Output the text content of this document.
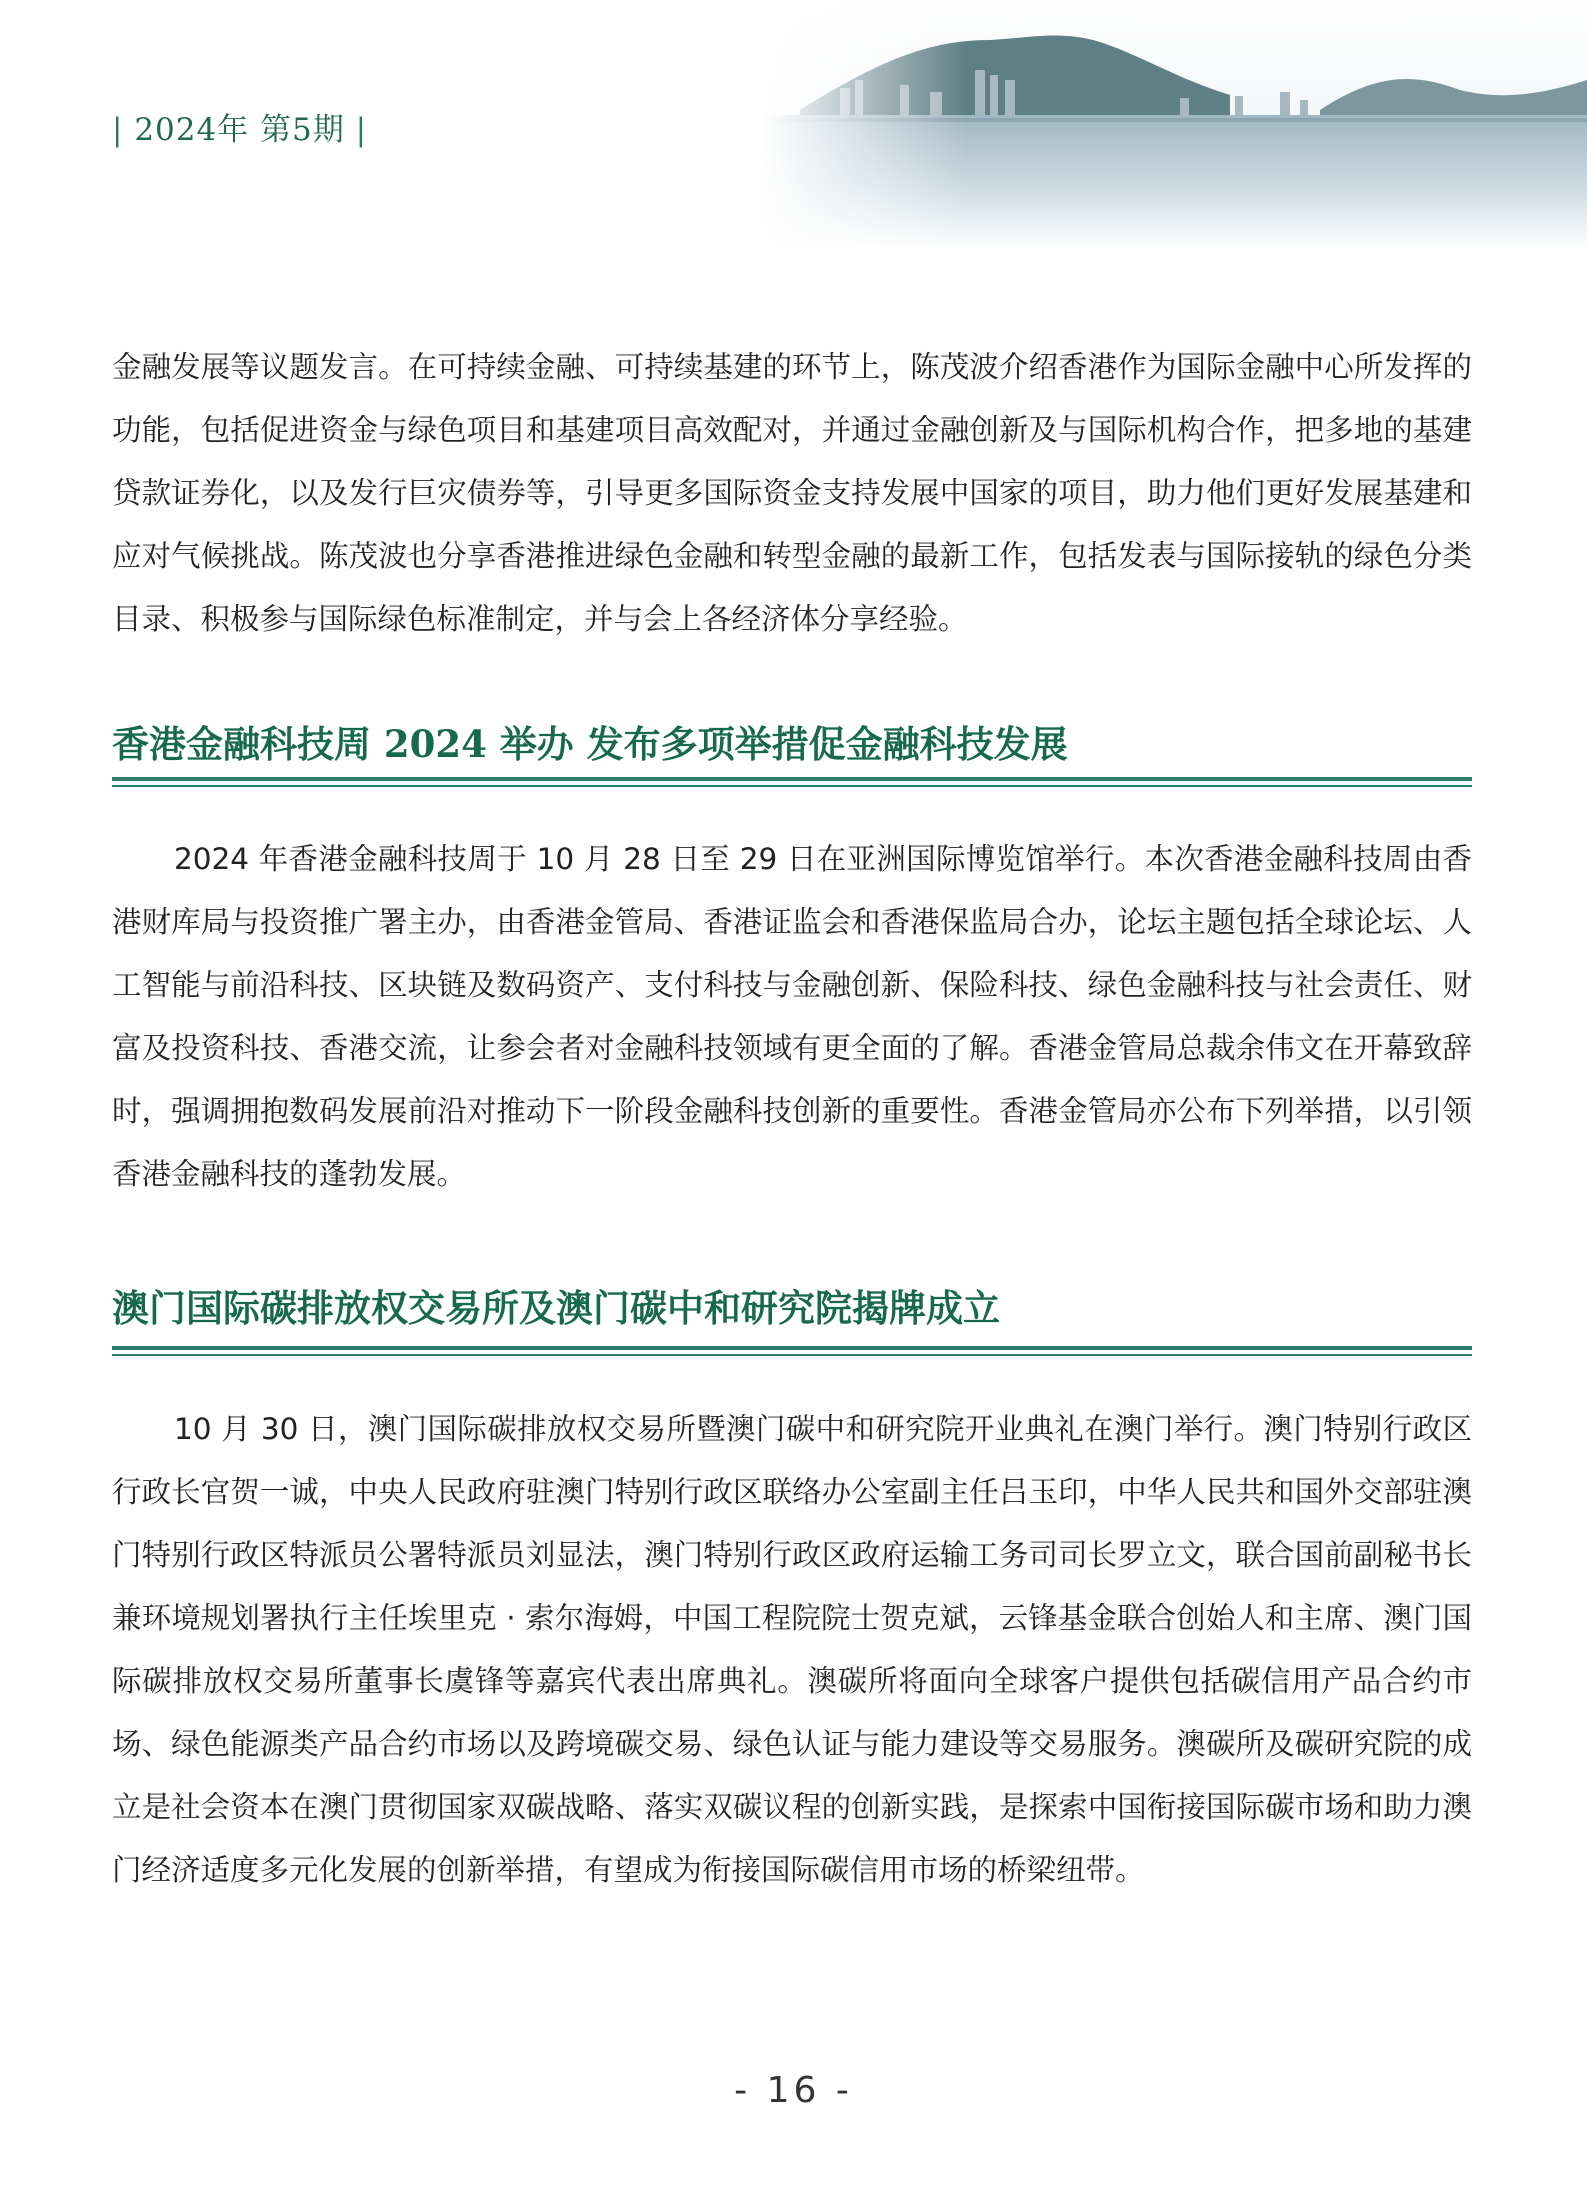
| 2024年 第5期 |
金融发展等议题发言。在可持续金融、可持续基建的环节上，陈茂波介绍香港作为国际金融中心所发挥的功能，包括促进资金与绿色项目和基建项目高效配对，并通过金融创新及与国际机构合作，把多地的基建贷款证券化，以及发行巨灾债券等，引导更多国际资金支持发展中国家的项目，助力他们更好发展基建和应对气候挑战。陈茂波也分享香港推进绿色金融和转型金融的最新工作，包括发表与国际接轨的绿色分类目录、积极参与国际绿色标准制定，并与会上各经济体分享经验。
香港金融科技周 2024 举办 发布多项举措促金融科技发展
2024 年香港金融科技周于 10 月 28 日至 29 日在亚洲国际博览馆举行。本次香港金融科技周由香港财库局与投资推广署主办，由香港金管局、香港证监会和香港保监局合办，论坛主题包括全球论坛、人工智能与前沿科技、区块链及数码资产、支付科技与金融创新、保险科技、绿色金融科技与社会责任、财富及投资科技、香港交流，让参会者对金融科技领域有更全面的了解。香港金管局总裁余伟文在开幕致辞时，强调拥抱数码发展前沿对推动下一阶段金融科技创新的重要性。香港金管局亦公布下列举措，以引领香港金融科技的蓬勃发展。
澳门国际碳排放权交易所及澳门碳中和研究院揭牌成立
10 月 30 日，澳门国际碳排放权交易所暨澳门碳中和研究院开业典礼在澳门举行。澳门特别行政区行政长官贺一诚，中央人民政府驻澳门特别行政区联络办公室副主任吕玉印，中华人民共和国外交部驻澳门特别行政区特派员公署特派员刘显法，澳门特别行政区政府运输工务司司长罗立文，联合国前副秘书长兼环境规划署执行主任埃里克 · 索尔海姆，中国工程院院士贺克斌，云锋基金联合创始人和主席、澳门国际碳排放权交易所董事长虞锋等嘉宾代表出席典礼。澳碳所将面向全球客户提供包括碳信用产品合约市场、绿色能源类产品合约市场以及跨境碳交易、绿色认证与能力建设等交易服务。澳碳所及碳研究院的成立是社会资本在澳门贯彻国家双碳战略、落实双碳议程的创新实践，是探索中国衔接国际碳市场和助力澳门经济适度多元化发展的创新举措，有望成为衔接国际碳信用市场的桥梁纽带。
- 16 -
